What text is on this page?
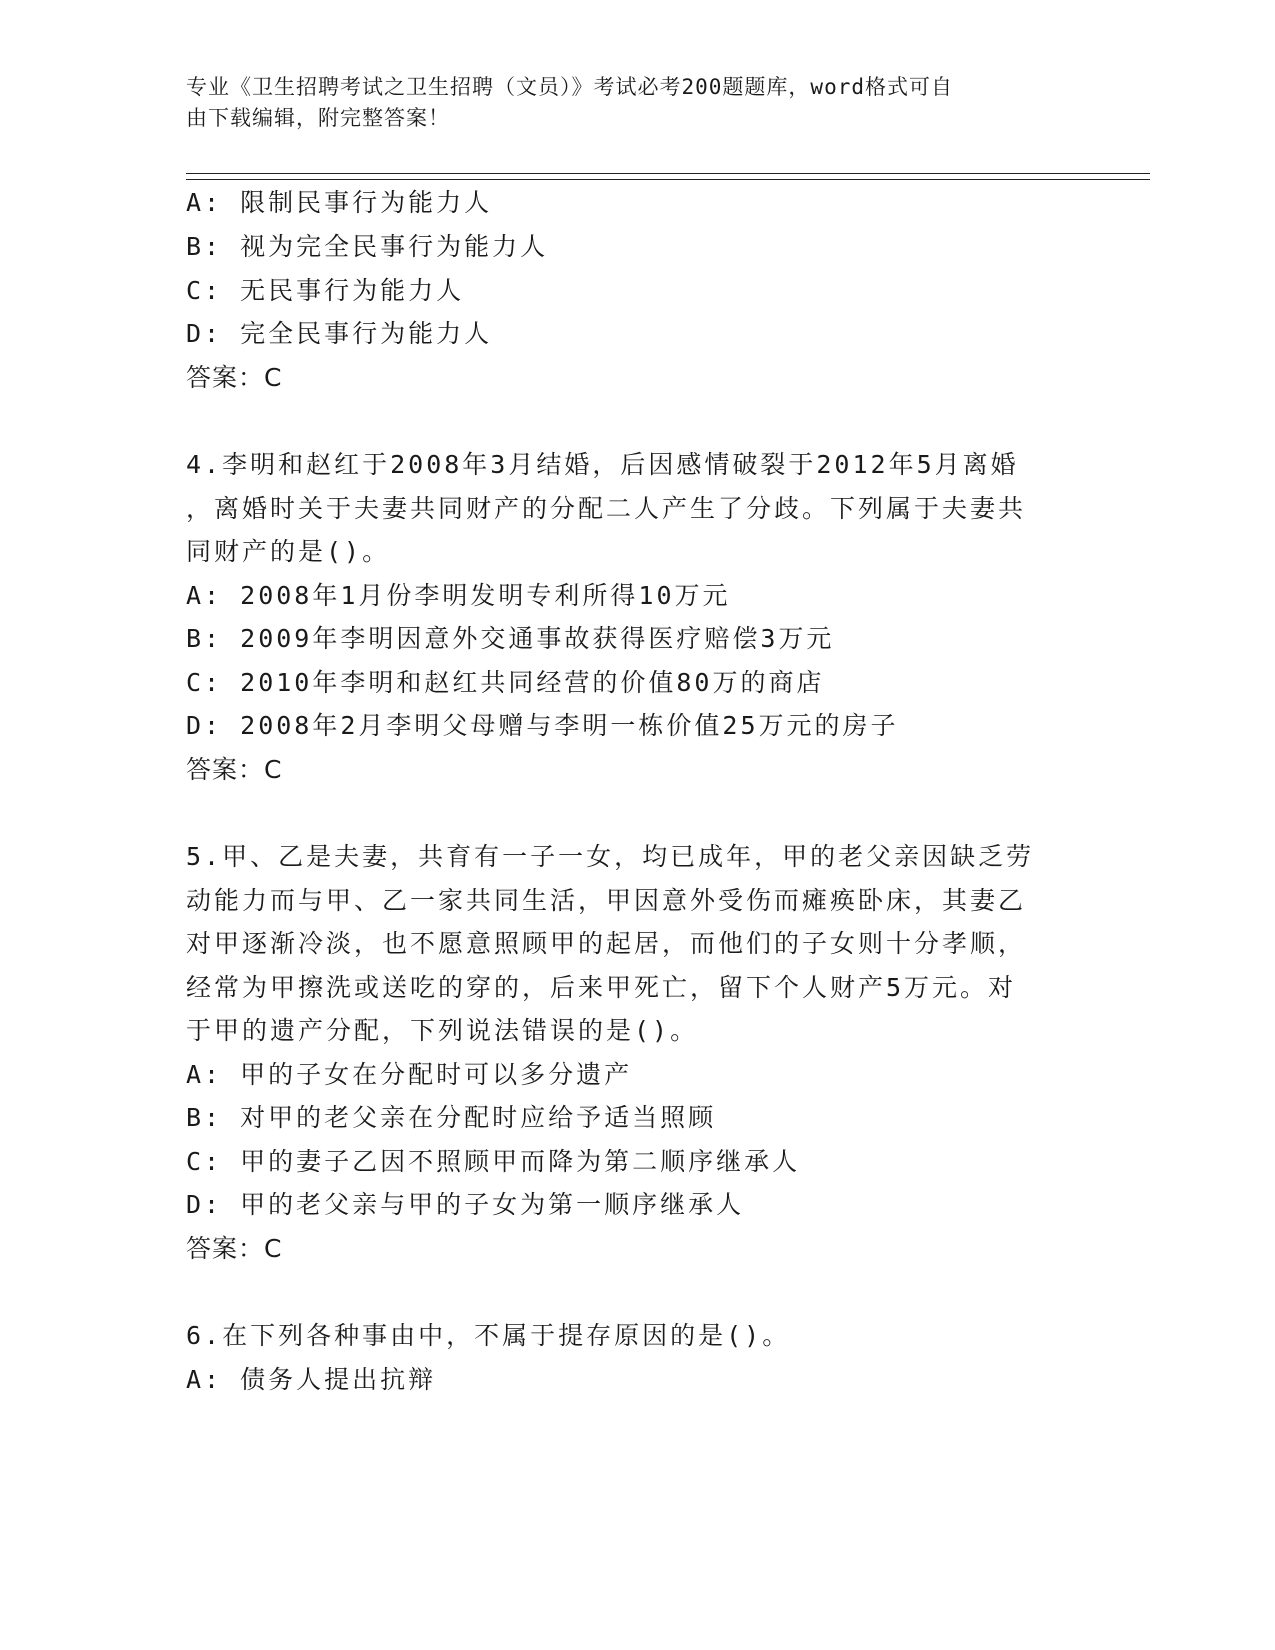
专业《卫生招聘考试之卫生招聘（文员）》考试必考200题题库，word格式可自
由下载编辑，附完整答案！
A: 限制民事行为能力人
B: 视为完全民事行为能力人
C: 无民事行为能力人
D: 完全民事行为能力人
答案：C
4.李明和赵红于2008年3月结婚，后因感情破裂于2012年5月离婚
，离婚时关于夫妻共同财产的分配二人产生了分歧。下列属于夫妻共
同财产的是()。
A: 2008年1月份李明发明专利所得10万元
B: 2009年李明因意外交通事故获得医疗赔偿3万元
C: 2010年李明和赵红共同经营的价值80万的商店
D: 2008年2月李明父母赠与李明一栋价值25万元的房子
答案：C
5.甲、乙是夫妻，共育有一子一女，均已成年，甲的老父亲因缺乏劳
动能力而与甲、乙一家共同生活，甲因意外受伤而瘫痪卧床，其妻乙
对甲逐渐冷淡，也不愿意照顾甲的起居，而他们的子女则十分孝顺，
经常为甲擦洗或送吃的穿的，后来甲死亡，留下个人财产5万元。对
于甲的遗产分配，下列说法错误的是()。
A: 甲的子女在分配时可以多分遗产
B: 对甲的老父亲在分配时应给予适当照顾
C: 甲的妻子乙因不照顾甲而降为第二顺序继承人
D: 甲的老父亲与甲的子女为第一顺序继承人
答案：C
6.在下列各种事由中，不属于提存原因的是()。
A: 债务人提出抗辩
